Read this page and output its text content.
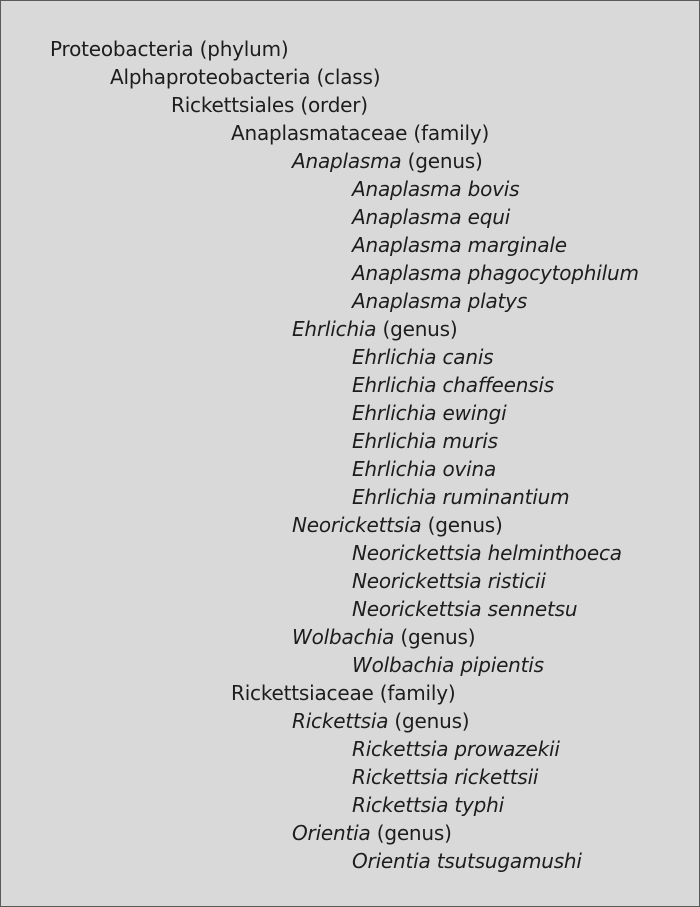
Proteobacteria (phylum)
Alphaproteobacteria (class)
Rickettsiales (order)
Anaplasmataceae (family)
Anaplasma (genus)
Anaplasma bovis
Anaplasma equi
Anaplasma marginale
Anaplasma phagocytophilum
Anaplasma platys
Ehrlichia (genus)
Ehrlichia canis
Ehrlichia chaffeensis
Ehrlichia ewingi
Ehrlichia muris
Ehrlichia ovina
Ehrlichia ruminantium
Neorickettsia (genus)
Neorickettsia helminthoeca
Neorickettsia risticii
Neorickettsia sennetsu
Wolbachia (genus)
Wolbachia pipientis
Rickettsiaceae (family)
Rickettsia (genus)
Rickettsia prowazekii
Rickettsia rickettsii
Rickettsia typhi
Orientia (genus)
Orientia tsutsugamushi
